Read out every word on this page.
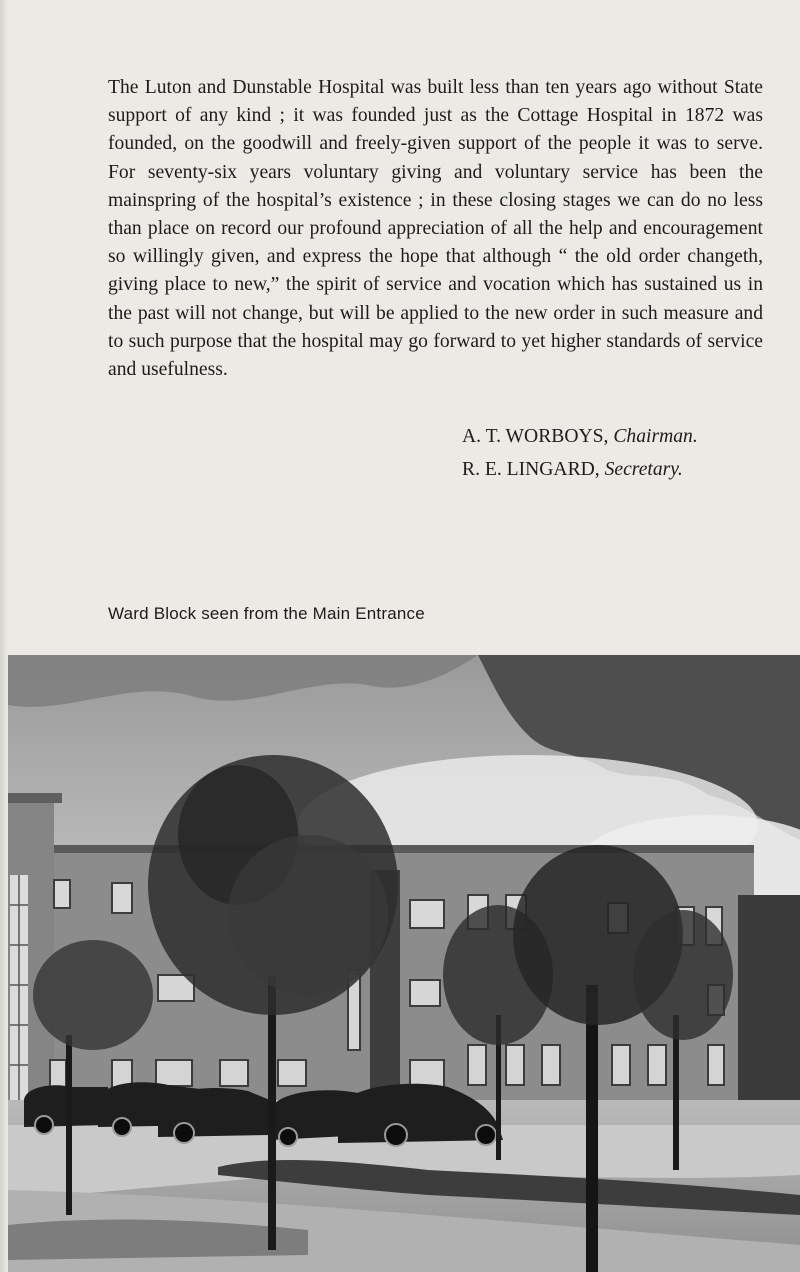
The Luton and Dunstable Hospital was built less than ten years ago without State support of any kind ; it was founded just as the Cottage Hospital in 1872 was founded, on the goodwill and freely-given support of the people it was to serve. For seventy-six years voluntary giving and voluntary service has been the mainspring of the hospital’s existence ; in these closing stages we can do no less than place on record our profound appreciation of all the help and encouragement so willingly given, and express the hope that although “ the old order changeth, giving place to new,” the spirit of service and vocation which has sustained us in the past will not change, but will be applied to the new order in such measure and to such purpose that the hospital may go forward to yet higher standards of service and usefulness.

A. T. WORBOYS, Chairman.
R. E. LINGARD, Secretary.
Ward Block seen from the Main Entrance
